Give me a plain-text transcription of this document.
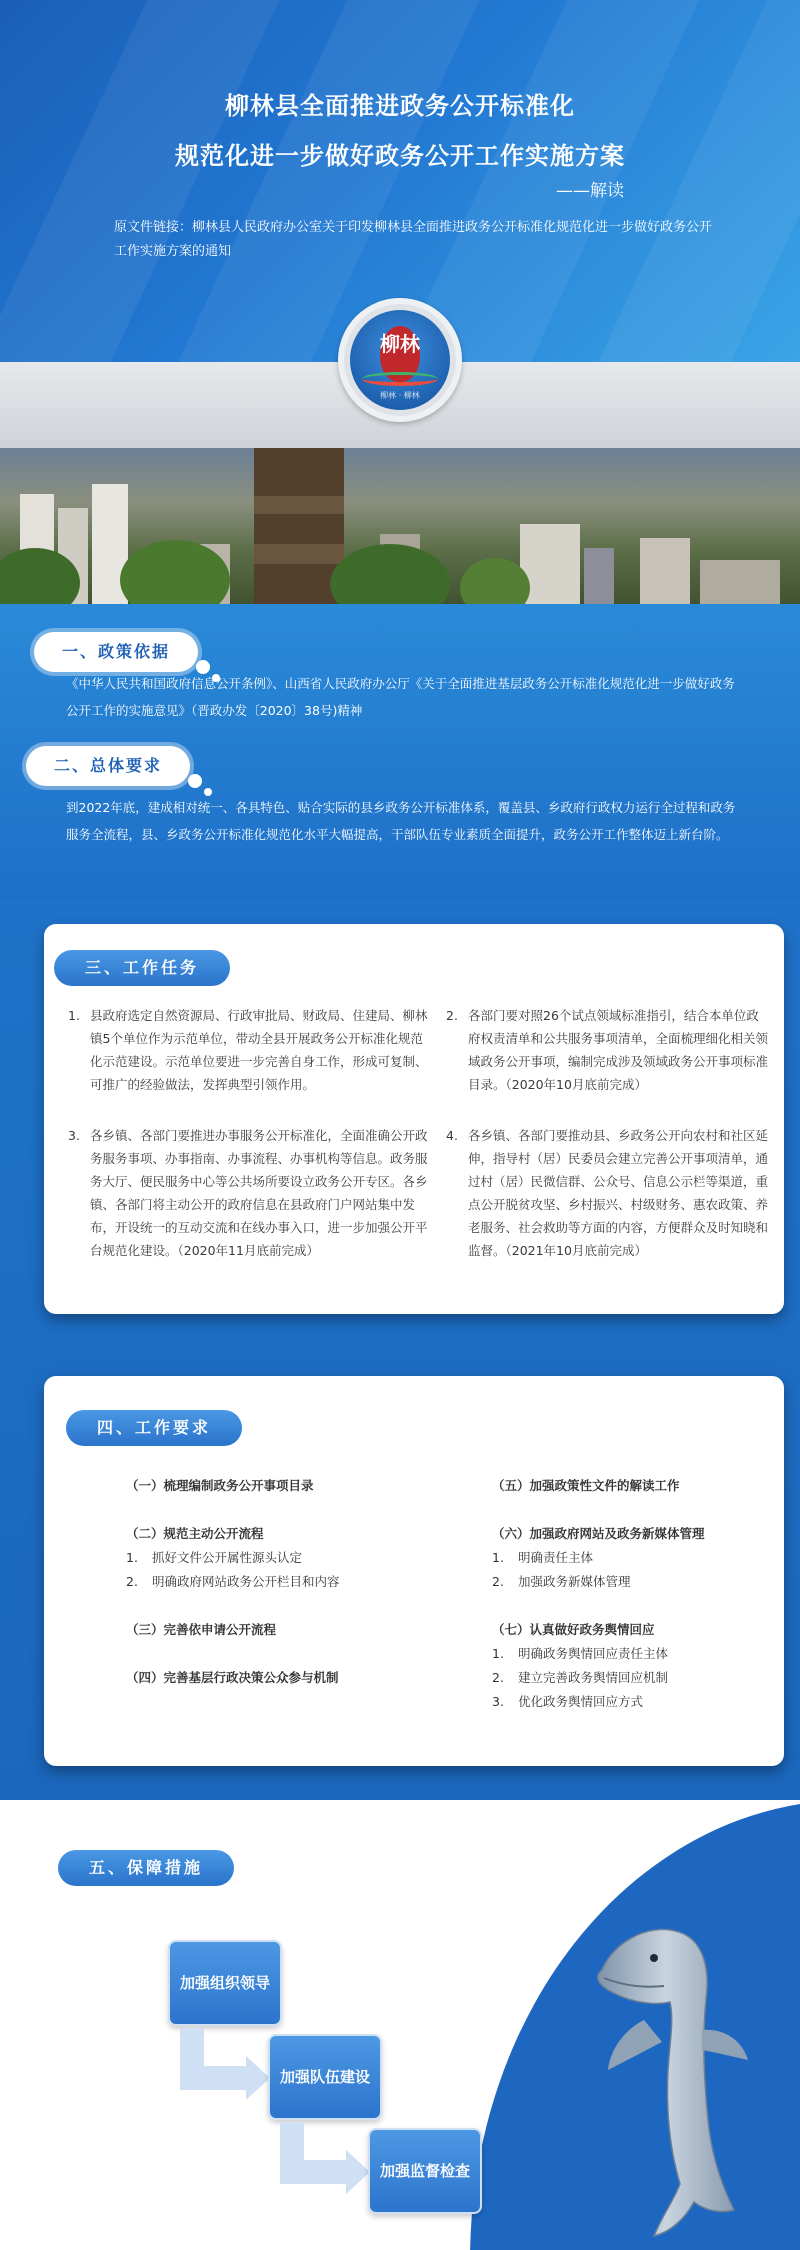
柳林县全面推进政务公开标准化
规范化进一步做好政务公开工作实施方案
——解读
原文件链接：柳林县人民政府办公室关于印发柳林县全面推进政务公开标准化规范化进一步做好政务公开工作实施方案的通知
柳林
柳林 · 柳林
一、政策依据
《中华人民共和国政府信息公开条例》、山西省人民政府办公厅《关于全面推进基层政务公开标准化规范化进一步做好政务公开工作的实施意见》（晋政办发〔2020〕38号)精神
二、总体要求
到2022年底，建成相对统一、各具特色、贴合实际的县乡政务公开标准体系，覆盖县、乡政府行政权力运行全过程和政务服务全流程，县、乡政务公开标准化规范化水平大幅提高，干部队伍专业素质全面提升，政务公开工作整体迈上新台阶。
三、工作任务
1. 县政府选定自然资源局、行政审批局、财政局、住建局、柳林镇5个单位作为示范单位，带动全县开展政务公开标准化规范化示范建设。示范单位要进一步完善自身工作，形成可复制、可推广的经验做法，发挥典型引领作用。
2. 各部门要对照26个试点领域标准指引，结合本单位政府权责清单和公共服务事项清单，全面梳理细化相关领域政务公开事项，编制完成涉及领域政务公开事项标准目录。（2020年10月底前完成）
3. 各乡镇、各部门要推进办事服务公开标准化，全面准确公开政务服务事项、办事指南、办事流程、办事机构等信息。政务服务大厅、便民服务中心等公共场所要设立政务公开专区。各乡镇、各部门将主动公开的政府信息在县政府门户网站集中发布，开设统一的互动交流和在线办事入口，进一步加强公开平台规范化建设。（2020年11月底前完成）
4. 各乡镇、各部门要推动县、乡政务公开向农村和社区延伸，指导村（居）民委员会建立完善公开事项清单，通过村（居）民微信群、公众号、信息公示栏等渠道，重点公开脱贫攻坚、乡村振兴、村级财务、惠农政策、养老服务、社会救助等方面的内容，方便群众及时知晓和监督。（2021年10月底前完成）
四、工作要求
（一）梳理编制政务公开事项目录
（二）规范主动公开流程
1. 抓好文件公开属性源头认定
2. 明确政府网站政务公开栏目和内容
（三）完善依申请公开流程
（四）完善基层行政决策公众参与机制
（五）加强政策性文件的解读工作
（六）加强政府网站及政务新媒体管理
1. 明确责任主体
2. 加强政务新媒体管理
（七）认真做好政务舆情回应
1. 明确政务舆情回应责任主体
2. 建立完善政务舆情回应机制
3. 优化政务舆情回应方式
五、保障措施
加强组织领导
加强队伍建设
加强监督检查
